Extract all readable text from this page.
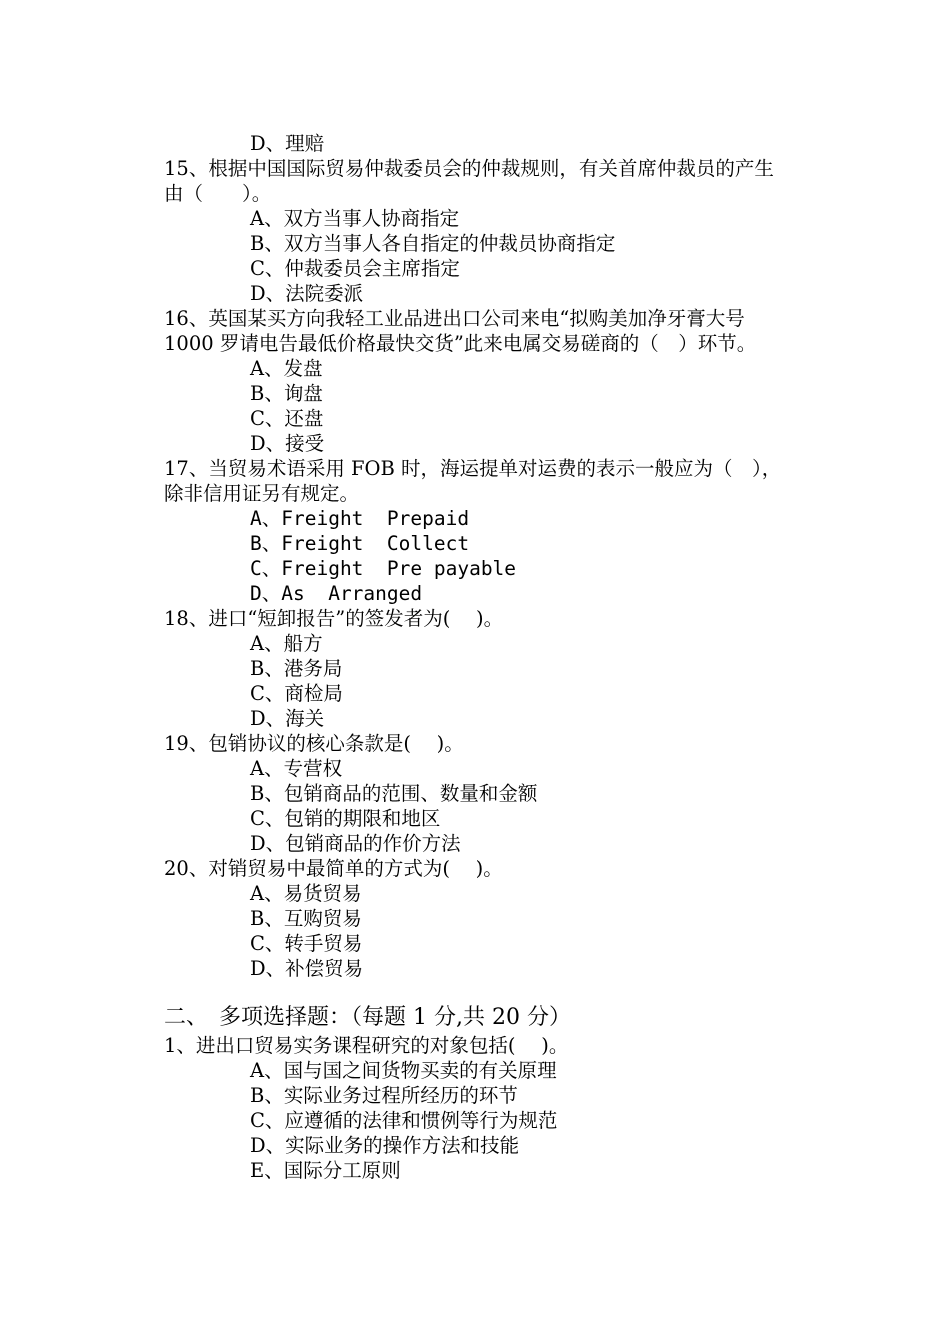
D、理赔
15、根据中国国际贸易仲裁委员会的仲裁规则，有关首席仲裁员的产生由（　　）。
A、双方当事人协商指定
B、双方当事人各自指定的仲裁员协商指定
C、仲裁委员会主席指定
D、法院委派
16、英国某买方向我轻工业品进出口公司来电“拟购美加净牙膏大号 1000 罗请电告最低价格最快交货”此来电属交易磋商的（　）环节。
A、发盘
B、询盘
C、还盘
D、接受
17、当贸易术语采用 FOB 时，海运提单对运费的表示一般应为（　），除非信用证另有规定。
A、Freight  Prepaid
B、Freight  Collect
C、Freight  Pre payable
D、As  Arranged
18、进口“短卸报告”的签发者为(　 )。
A、船方
B、港务局
C、商检局
D、海关
19、包销协议的核心条款是(　 )。
A、专营权
B、包销商品的范围、数量和金额
C、包销的期限和地区
D、包销商品的作价方法
20、对销贸易中最简单的方式为(　 )。
A、易货贸易
B、互购贸易
C、转手贸易
D、补偿贸易
二、　多项选择题：（每题 1 分,共 20 分）
1、进出口贸易实务课程研究的对象包括(　 )。
A、国与国之间货物买卖的有关原理
B、实际业务过程所经历的环节
C、应遵循的法律和惯例等行为规范
D、实际业务的操作方法和技能
E、国际分工原则
